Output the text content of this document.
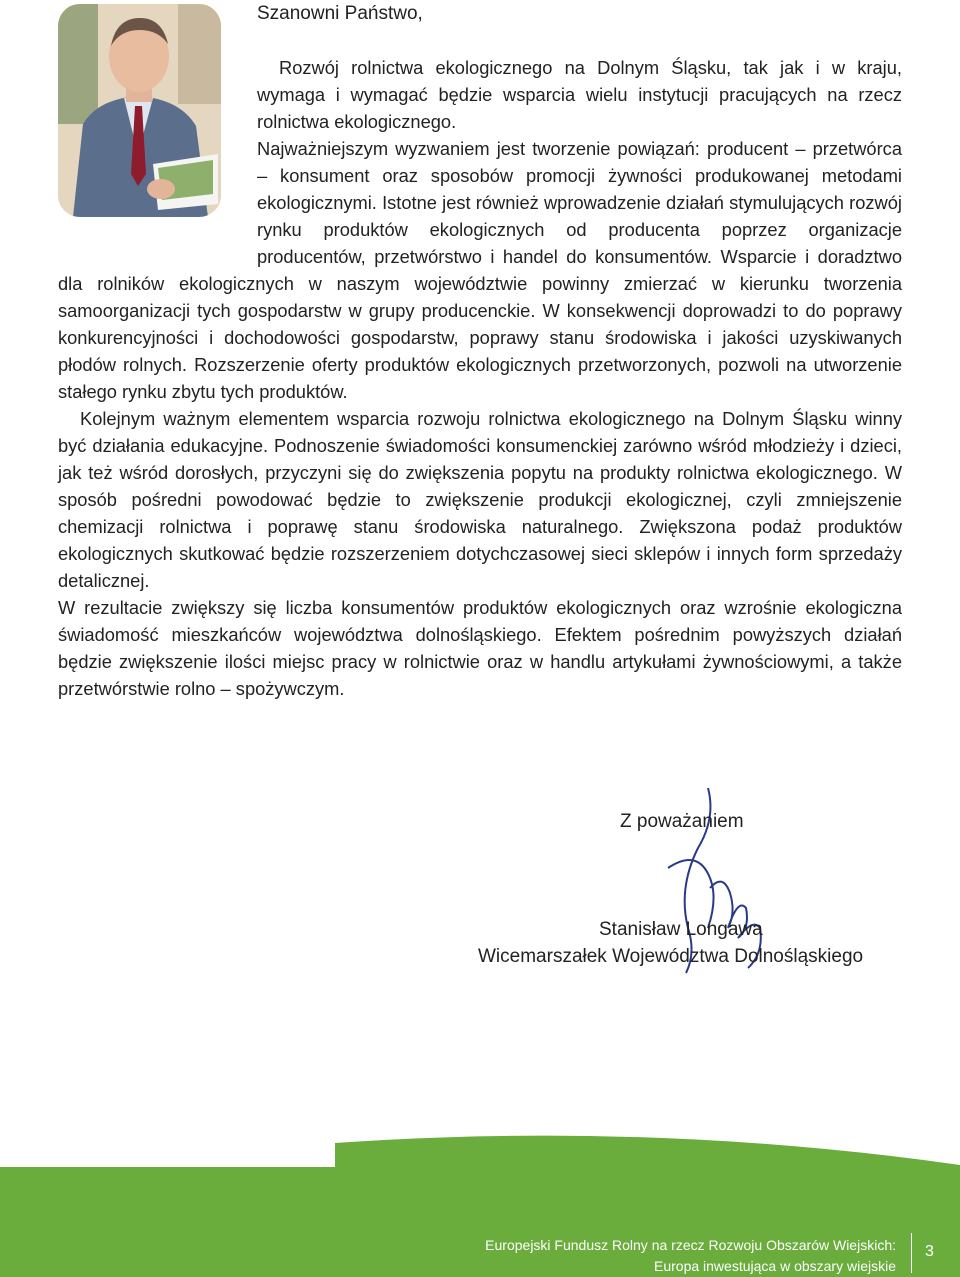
Szanowni Państwo,

Rozwój rolnictwa ekologicznego na Dolnym Śląsku, tak jak i w kraju, wymaga i wymagać będzie wsparcia wielu instytucji pracujących na rzecz rolnictwa ekologicznego.

Najważniejszym wyzwaniem jest tworzenie powiązań: producent – przetwórca – konsument oraz sposobów promocji żywności produkowanej metodami ekologicznymi. Istotne jest również wprowadzenie działań stymulujących rozwój rynku produktów ekologicznych od producenta poprzez organizacje producentów, przetwórstwo i handel do konsumentów. Wsparcie i doradztwo dla rolników ekologicznych w naszym województwie powinny zmierzać w kierunku tworzenia samoorganizacji tych gospodarstw w grupy producenckie. W konsekwencji doprowadzi to do poprawy konkurencyjności i dochodowości gospodarstw, poprawy stanu środowiska i jakości uzyskiwanych płodów rolnych. Rozszerzenie oferty produktów ekologicznych przetworzonych, pozwoli na utworzenie stałego rynku zbytu tych produktów.

Kolejnym ważnym elementem wsparcia rozwoju rolnictwa ekologicznego na Dolnym Śląsku winny być działania edukacyjne. Podnoszenie świadomości konsumenckiej zarówno wśród młodzieży i dzieci, jak też wśród dorosłych, przyczyni się do zwiększenia popytu na produkty rolnictwa ekologicznego. W sposób pośredni powodować będzie to zwiększenie produkcji ekologicznej, czyli zmniejszenie chemizacji rolnictwa i poprawę stanu środowiska naturalnego. Zwiększona podaż produktów ekologicznych skutkować będzie rozszerzeniem dotychczasowej sieci sklepów i innych form sprzedaży detalicznej.

W rezultacie zwiększy się liczba konsumentów produktów ekologicznych oraz wzrośnie ekologiczna świadomość mieszkańców województwa dolnośląskiego. Efektem pośrednim powyższych działań będzie zwiększenie ilości miejsc pracy w rolnictwie oraz w handlu artykułami żywnościowymi, a także przetwórstwie rolno – spożywczym.

Z poważaniem
Stanisław Longawa
Wicemarszałek Województwa Dolnośląskiego
Europejski Fundusz Rolny na rzecz Rozwoju Obszarów Wiejskich:
Europa inwestująca w obszary wiejskie
3
